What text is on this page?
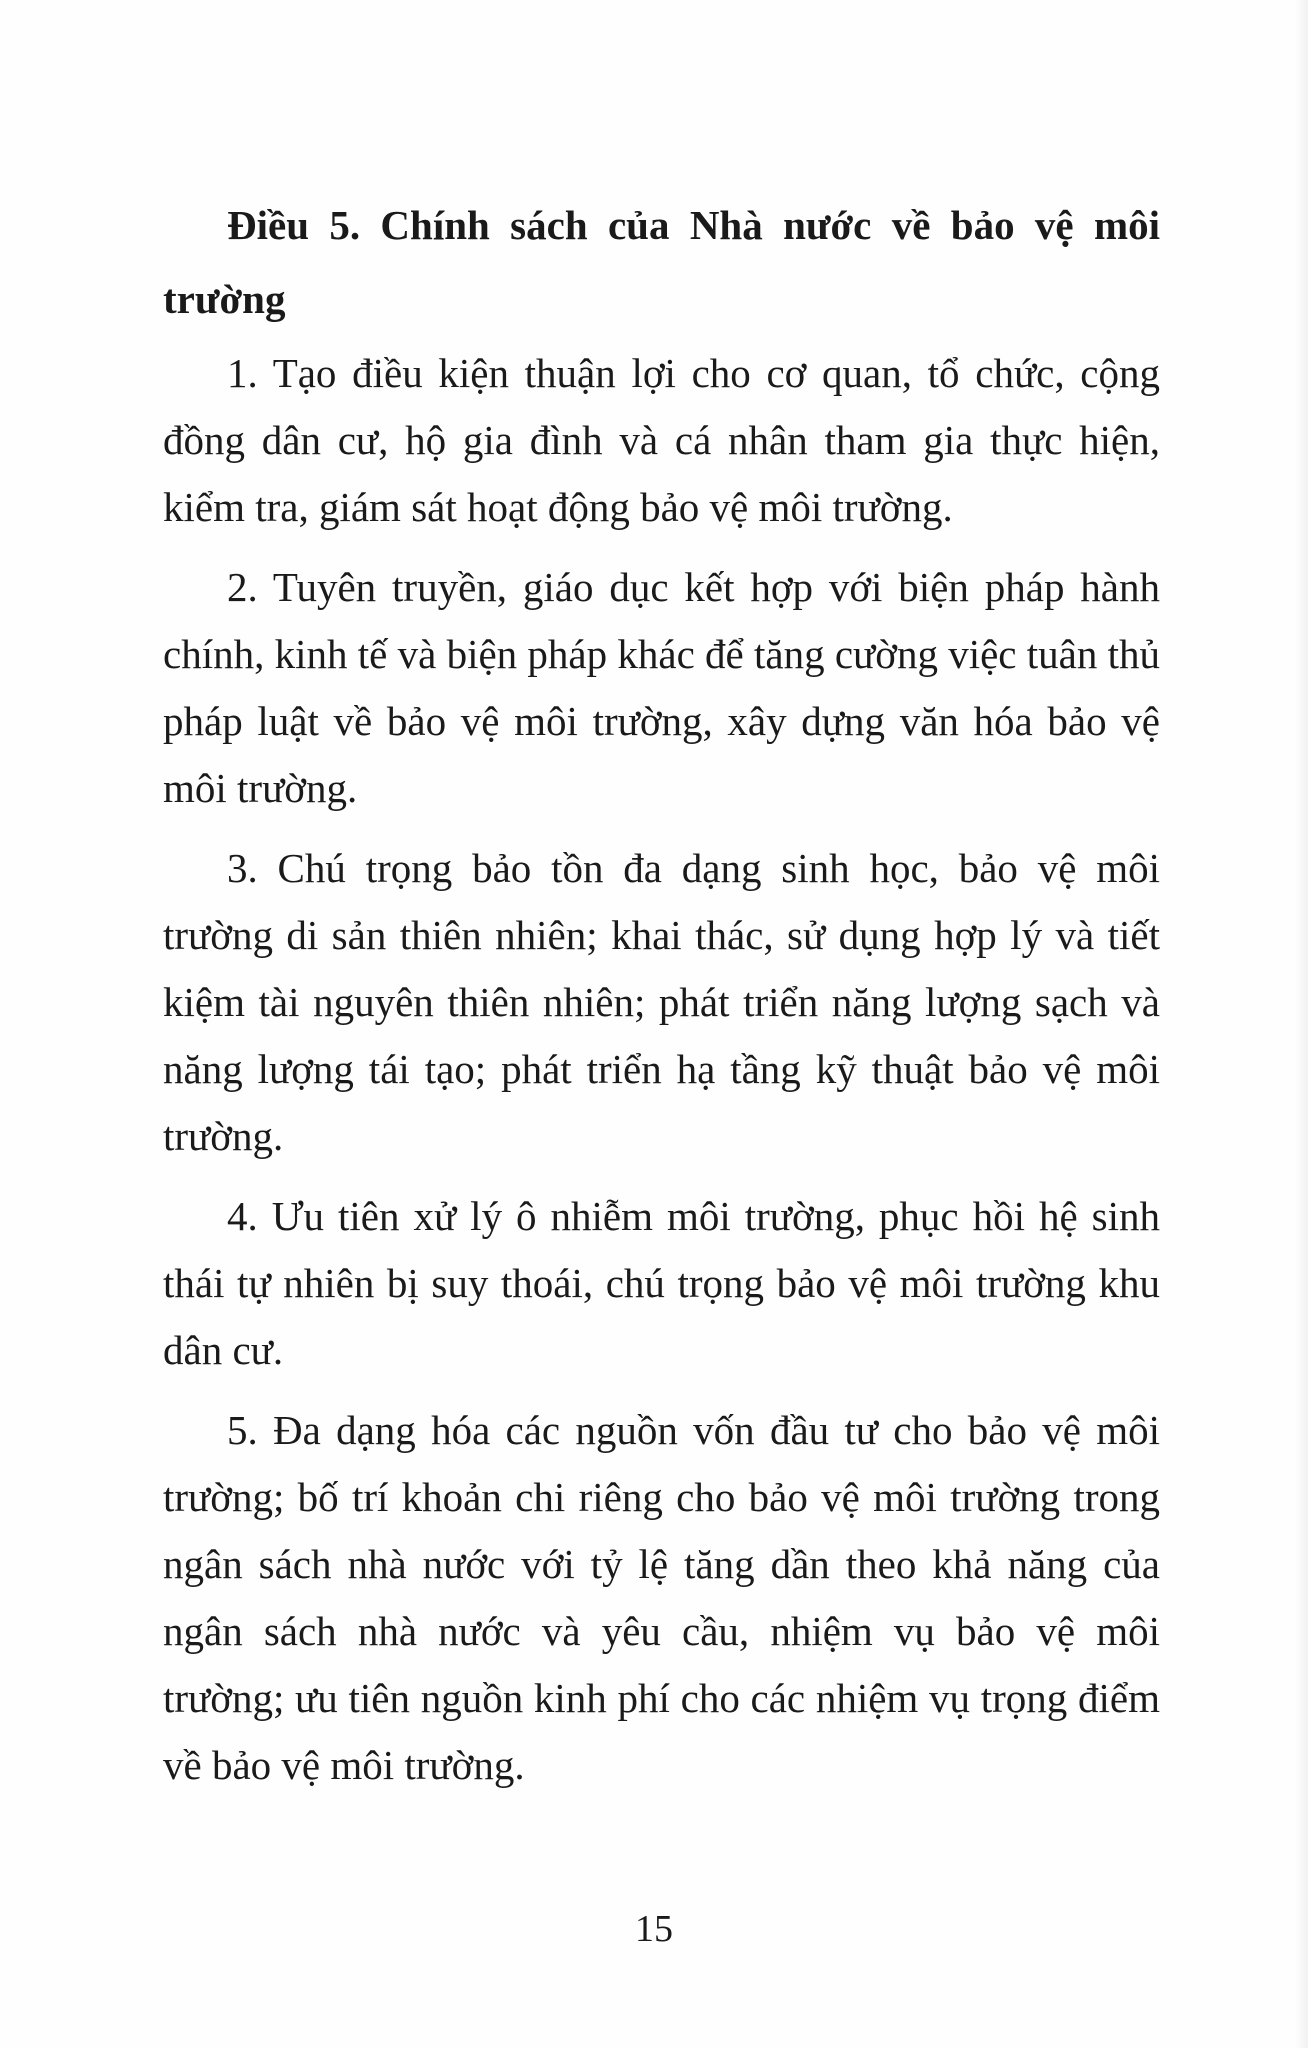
Điều 5. Chính sách của Nhà nước về bảo vệ môi trường

1. Tạo điều kiện thuận lợi cho cơ quan, tổ chức, cộng đồng dân cư, hộ gia đình và cá nhân tham gia thực hiện, kiểm tra, giám sát hoạt động bảo vệ môi trường.

2. Tuyên truyền, giáo dục kết hợp với biện pháp hành chính, kinh tế và biện pháp khác để tăng cường việc tuân thủ pháp luật về bảo vệ môi trường, xây dựng văn hóa bảo vệ môi trường.

3. Chú trọng bảo tồn đa dạng sinh học, bảo vệ môi trường di sản thiên nhiên; khai thác, sử dụng hợp lý và tiết kiệm tài nguyên thiên nhiên; phát triển năng lượng sạch và năng lượng tái tạo; phát triển hạ tầng kỹ thuật bảo vệ môi trường.

4. Ưu tiên xử lý ô nhiễm môi trường, phục hồi hệ sinh thái tự nhiên bị suy thoái, chú trọng bảo vệ môi trường khu dân cư.

5. Đa dạng hóa các nguồn vốn đầu tư cho bảo vệ môi trường; bố trí khoản chi riêng cho bảo vệ môi trường trong ngân sách nhà nước với tỷ lệ tăng dần theo khả năng của ngân sách nhà nước và yêu cầu, nhiệm vụ bảo vệ môi trường; ưu tiên nguồn kinh phí cho các nhiệm vụ trọng điểm về bảo vệ môi trường.

15
